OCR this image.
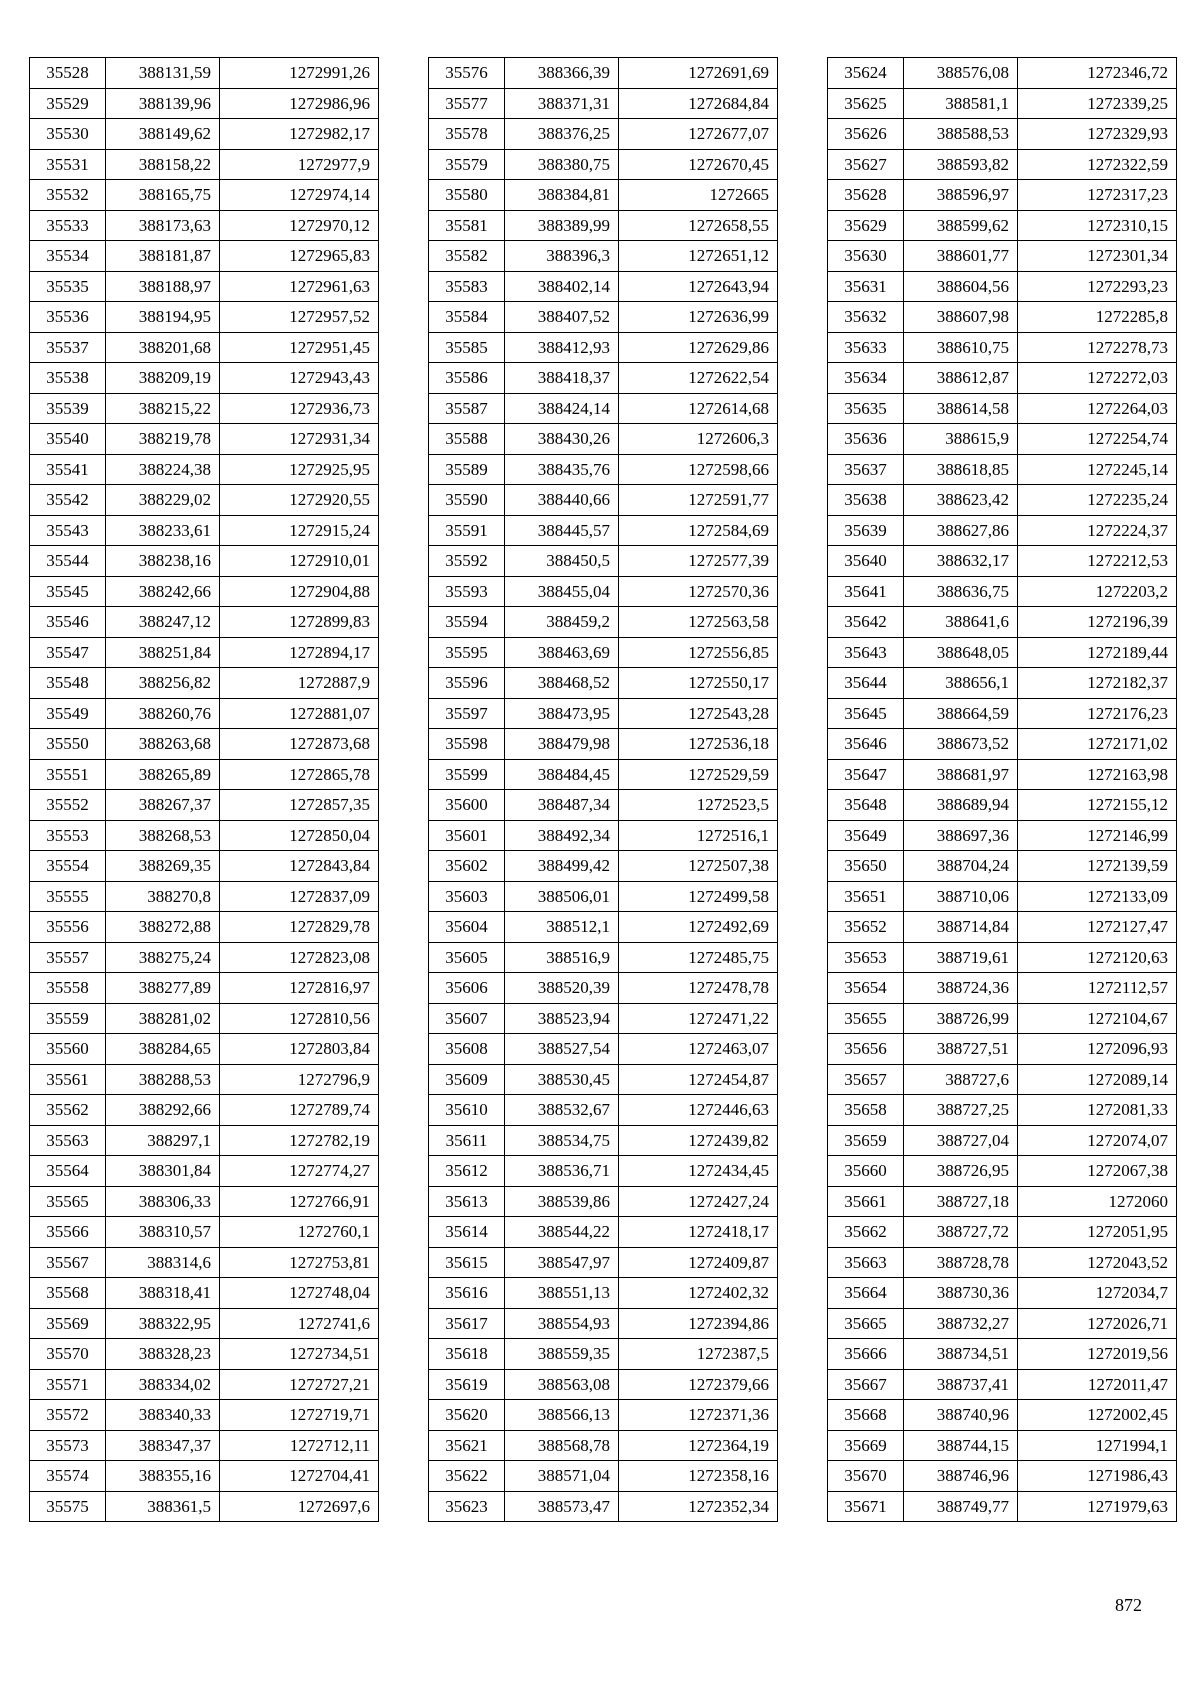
35528	388131,59	1272991,26
35529	388139,96	1272986,96
35530	388149,62	1272982,17
35531	388158,22	1272977,9
35532	388165,75	1272974,14
35533	388173,63	1272970,12
35534	388181,87	1272965,83
35535	388188,97	1272961,63
35536	388194,95	1272957,52
35537	388201,68	1272951,45
35538	388209,19	1272943,43
35539	388215,22	1272936,73
35540	388219,78	1272931,34
35541	388224,38	1272925,95
35542	388229,02	1272920,55
35543	388233,61	1272915,24
35544	388238,16	1272910,01
35545	388242,66	1272904,88
35546	388247,12	1272899,83
35547	388251,84	1272894,17
35548	388256,82	1272887,9
35549	388260,76	1272881,07
35550	388263,68	1272873,68
35551	388265,89	1272865,78
35552	388267,37	1272857,35
35553	388268,53	1272850,04
35554	388269,35	1272843,84
35555	388270,8	1272837,09
35556	388272,88	1272829,78
35557	388275,24	1272823,08
35558	388277,89	1272816,97
35559	388281,02	1272810,56
35560	388284,65	1272803,84
35561	388288,53	1272796,9
35562	388292,66	1272789,74
35563	388297,1	1272782,19
35564	388301,84	1272774,27
35565	388306,33	1272766,91
35566	388310,57	1272760,1
35567	388314,6	1272753,81
35568	388318,41	1272748,04
35569	388322,95	1272741,6
35570	388328,23	1272734,51
35571	388334,02	1272727,21
35572	388340,33	1272719,71
35573	388347,37	1272712,11
35574	388355,16	1272704,41
35575	388361,5	1272697,6
35576	388366,39	1272691,69
35577	388371,31	1272684,84
35578	388376,25	1272677,07
35579	388380,75	1272670,45
35580	388384,81	1272665
35581	388389,99	1272658,55
35582	388396,3	1272651,12
35583	388402,14	1272643,94
35584	388407,52	1272636,99
35585	388412,93	1272629,86
35586	388418,37	1272622,54
35587	388424,14	1272614,68
35588	388430,26	1272606,3
35589	388435,76	1272598,66
35590	388440,66	1272591,77
35591	388445,57	1272584,69
35592	388450,5	1272577,39
35593	388455,04	1272570,36
35594	388459,2	1272563,58
35595	388463,69	1272556,85
35596	388468,52	1272550,17
35597	388473,95	1272543,28
35598	388479,98	1272536,18
35599	388484,45	1272529,59
35600	388487,34	1272523,5
35601	388492,34	1272516,1
35602	388499,42	1272507,38
35603	388506,01	1272499,58
35604	388512,1	1272492,69
35605	388516,9	1272485,75
35606	388520,39	1272478,78
35607	388523,94	1272471,22
35608	388527,54	1272463,07
35609	388530,45	1272454,87
35610	388532,67	1272446,63
35611	388534,75	1272439,82
35612	388536,71	1272434,45
35613	388539,86	1272427,24
35614	388544,22	1272418,17
35615	388547,97	1272409,87
35616	388551,13	1272402,32
35617	388554,93	1272394,86
35618	388559,35	1272387,5
35619	388563,08	1272379,66
35620	388566,13	1272371,36
35621	388568,78	1272364,19
35622	388571,04	1272358,16
35623	388573,47	1272352,34
35624	388576,08	1272346,72
35625	388581,1	1272339,25
35626	388588,53	1272329,93
35627	388593,82	1272322,59
35628	388596,97	1272317,23
35629	388599,62	1272310,15
35630	388601,77	1272301,34
35631	388604,56	1272293,23
35632	388607,98	1272285,8
35633	388610,75	1272278,73
35634	388612,87	1272272,03
35635	388614,58	1272264,03
35636	388615,9	1272254,74
35637	388618,85	1272245,14
35638	388623,42	1272235,24
35639	388627,86	1272224,37
35640	388632,17	1272212,53
35641	388636,75	1272203,2
35642	388641,6	1272196,39
35643	388648,05	1272189,44
35644	388656,1	1272182,37
35645	388664,59	1272176,23
35646	388673,52	1272171,02
35647	388681,97	1272163,98
35648	388689,94	1272155,12
35649	388697,36	1272146,99
35650	388704,24	1272139,59
35651	388710,06	1272133,09
35652	388714,84	1272127,47
35653	388719,61	1272120,63
35654	388724,36	1272112,57
35655	388726,99	1272104,67
35656	388727,51	1272096,93
35657	388727,6	1272089,14
35658	388727,25	1272081,33
35659	388727,04	1272074,07
35660	388726,95	1272067,38
35661	388727,18	1272060
35662	388727,72	1272051,95
35663	388728,78	1272043,52
35664	388730,36	1272034,7
35665	388732,27	1272026,71
35666	388734,51	1272019,56
35667	388737,41	1272011,47
35668	388740,96	1272002,45
35669	388744,15	1271994,1
35670	388746,96	1271986,43
35671	388749,77	1271979,63
872
